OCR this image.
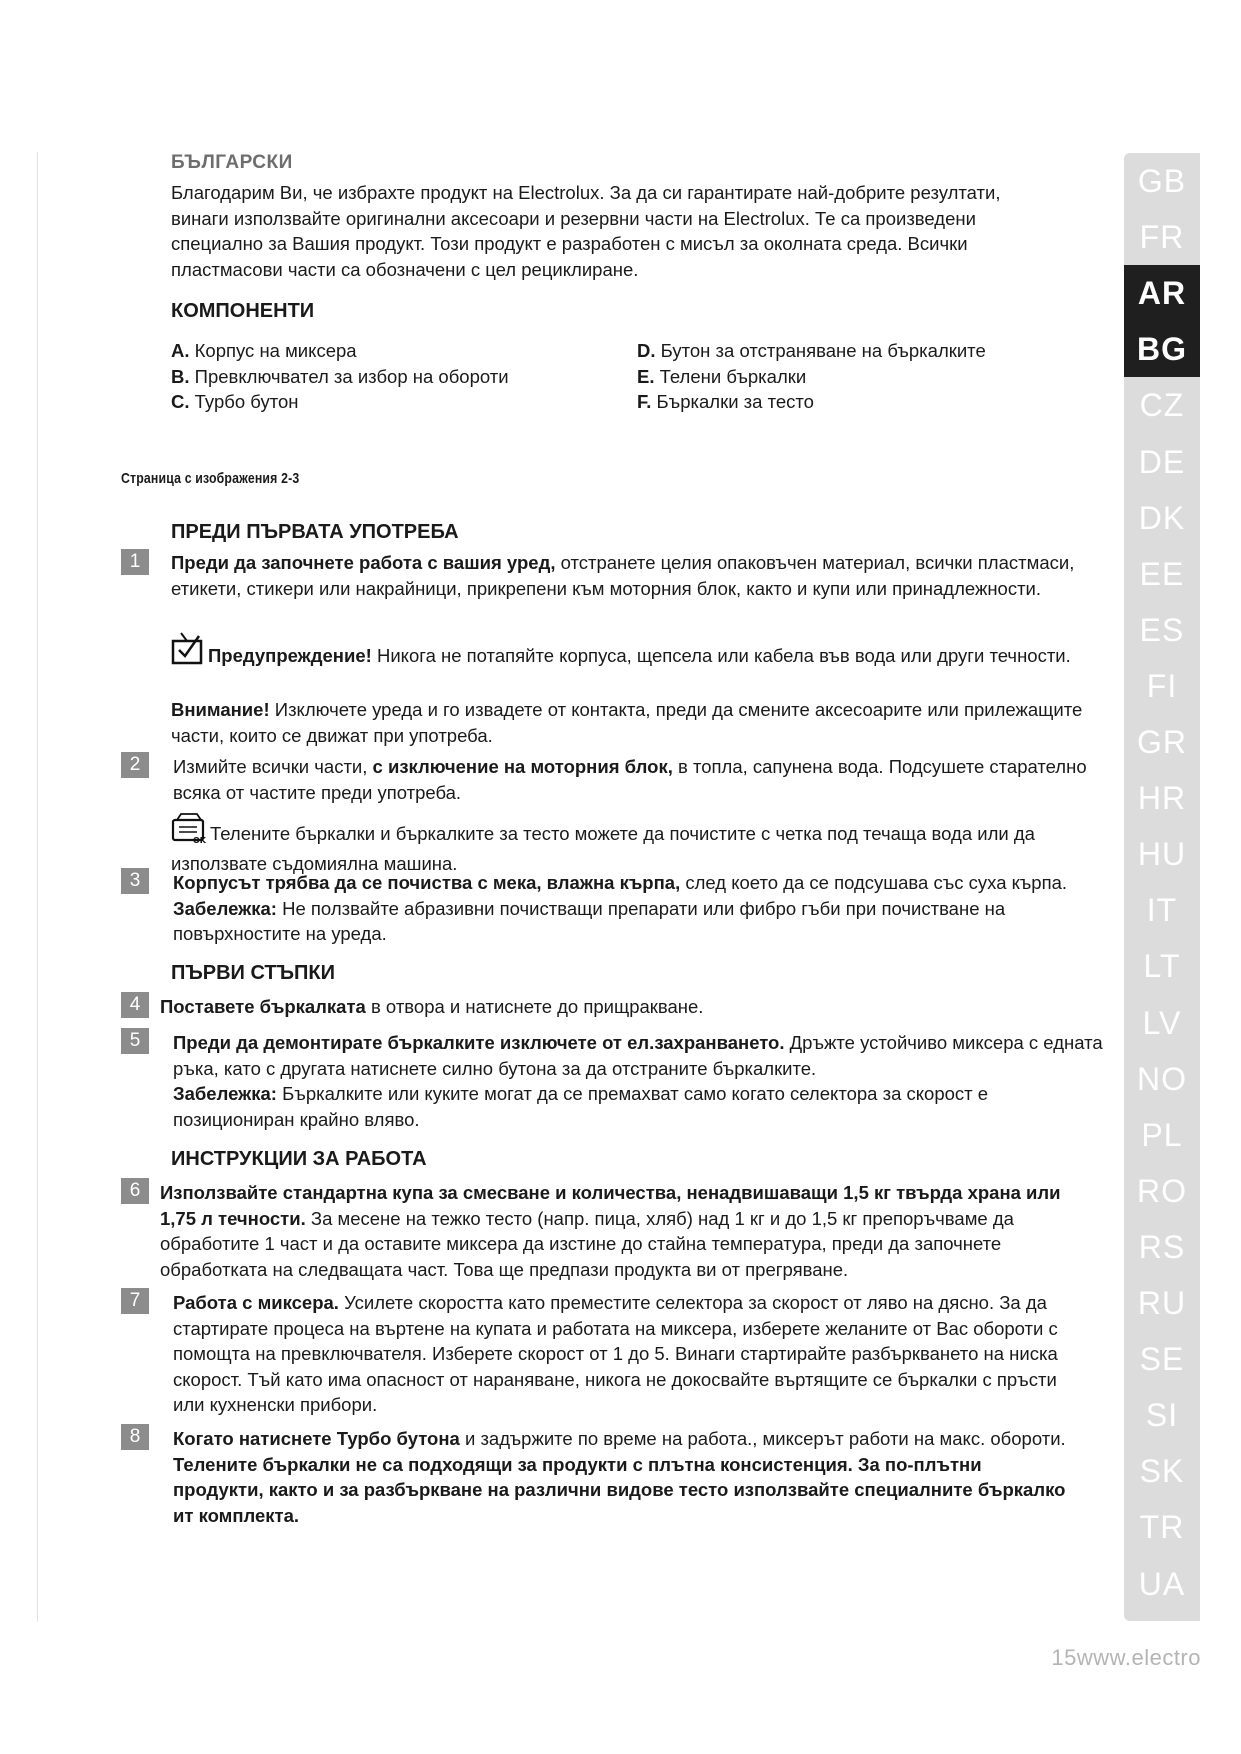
БЪЛГАРСКИ
Благодарим Ви, че избрахте продукт на Electrolux. За да си гарантирате най-добрите резултати, винаги използвайте оригинални аксесоари и резервни части на Electrolux. Те са произведени специално за Вашия продукт. Този продукт е разработен с мисъл за околната среда. Всички пластмасови части са обозначени с цел рециклиране.
КОМПОНЕНТИ
A. Корпус на миксера
B. Превключвател за избор на обороти
C. Турбо бутон
D. Бутон за отстраняване на бъркалките
E. Телени бъркалки
F. Бъркалки за тесто
Страница с изображения 2-3
ПРЕДИ ПЪРВАТА УПОТРЕБА
1	Преди да започнете работа с вашия уред, отстранете целия опаковъчен материал, всички пластмаси, етикети, стикери или накрайници, прикрепени към моторния блок, както и купи или принадлежности.
Предупреждение! Никога не потапяйте корпуса, щепсела или кабела във вода или други течности.
Внимание! Изключете уреда и го извадете от контакта, преди да смените аксесоарите или прилежащите части, които се движат при употреба.
2	Измийте всички части, с изключение на моторния блок, в топла, сапунена вода. Подсушете старателно всяка от частите преди употреба.
OK Телените бъркалки и бъркалките за тесто можете да почистите с четка под течаща вода или да използвате съдомиялна машина.
3	Корпусът трябва да се почиства с мека, влажна кърпа, след което да се подсушава със суха кърпа.
Забележка: Не ползвайте абразивни почистващи препарати или фибро гъби при почистване на повърхностите на уреда.
ПЪРВИ СТЪПКИ
4	Поставете бъркалката в отвора и натиснете до прищракване.
5	Преди да демонтирате бъркалките изключете от ел.захранването. Дръжте устойчиво миксера с едната ръка, като с другата натиснете силно бутона за да отстраните бъркалките.
Забележка: Бъркалките или куките могат да се премахват само когато селектора за скорост е позициониран крайно вляво.
ИНСТРУКЦИИ ЗА РАБОТА
6	Използвайте стандартна купа за смесване и количества, ненадвишаващи 1,5 кг твърда храна или 1,75 л течности. За месене на тежко тесто (напр. пица, хляб) над 1 кг и до 1,5 кг препоръчваме да обработите 1 част и да оставите миксера да изстине до стайна температура, преди да започнете обработката на следващата част. Това ще предпази продукта ви от прегряване.
7	Работа с миксера. Усилете скоростта като преместите селектора за скорост от ляво на дясно. За да стартирате процеса на въртене на купата и работата на миксера, изберете желаните от Вас обороти с помощта на превключвателя. Изберете скорост от 1 до 5. Винаги стартирайте разбъркването на ниска скорост. Тъй като има опасност от нараняване, никога не докосвайте въртящите се бъркалки с пръсти или кухненски прибори.
8	Когато натиснете Турбо бутона и задържите по време на работа., миксерът работи на макс. обороти. Телените бъркалки не са подходящи за продукти с плътна консистенция. За по-плътни продукти, както и за разбъркване на различни видове тесто използвайте специалните бъркалко ит комплекта.
GB
FR
AR
BG
CZ
DE
DK
EE
ES
FI
GR
HR
HU
IT
LT
LV
NO
PL
RO
RS
RU
SE
SI
SK
TR
UA
15www.electro
